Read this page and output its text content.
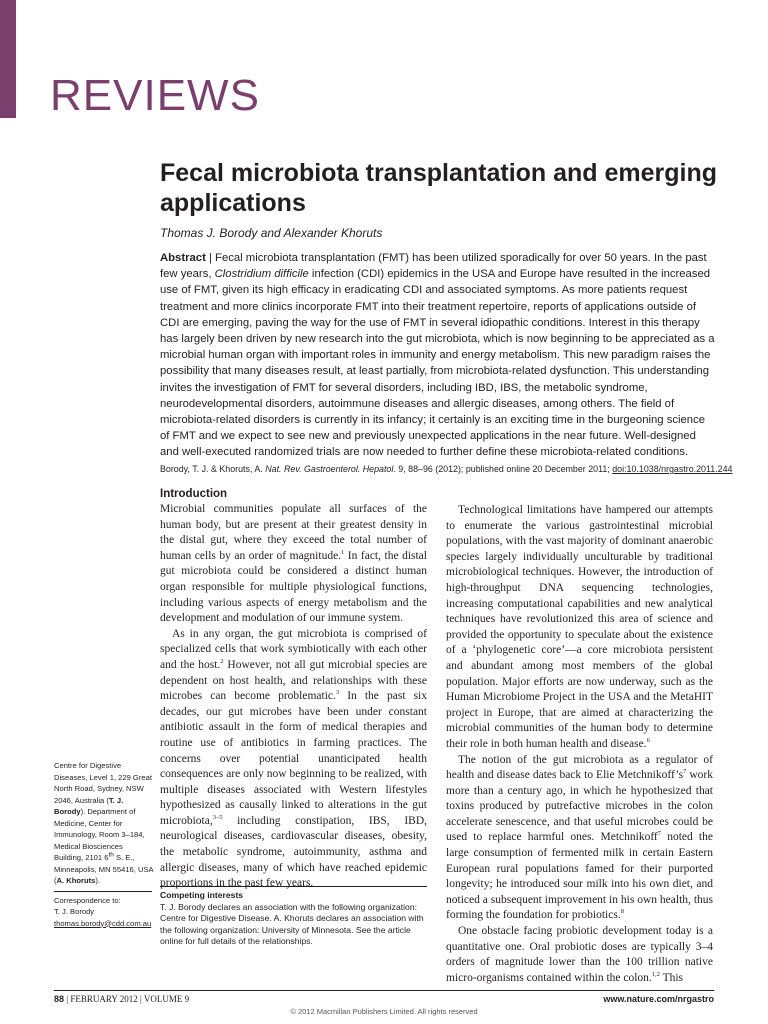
REVIEWS
Fecal microbiota transplantation and emerging applications
Thomas J. Borody and Alexander Khoruts
Abstract | Fecal microbiota transplantation (FMT) has been utilized sporadically for over 50 years. In the past few years, Clostridium difficile infection (CDI) epidemics in the USA and Europe have resulted in the increased use of FMT, given its high efficacy in eradicating CDI and associated symptoms. As more patients request treatment and more clinics incorporate FMT into their treatment repertoire, reports of applications outside of CDI are emerging, paving the way for the use of FMT in several idiopathic conditions. Interest in this therapy has largely been driven by new research into the gut microbiota, which is now beginning to be appreciated as a microbial human organ with important roles in immunity and energy metabolism. This new paradigm raises the possibility that many diseases result, at least partially, from microbiota-related dysfunction. This understanding invites the investigation of FMT for several disorders, including IBD, IBS, the metabolic syndrome, neurodevelopmental disorders, autoimmune diseases and allergic diseases, among others. The field of microbiota-related disorders is currently in its infancy; it certainly is an exciting time in the burgeoning science of FMT and we expect to see new and previously unexpected applications in the near future. Well-designed and well-executed randomized trials are now needed to further define these microbiota-related conditions.
Borody, T. J. & Khoruts, A. Nat. Rev. Gastroenterol. Hepatol. 9, 88–96 (2012); published online 20 December 2011; doi:10.1038/nrgastro.2011.244
Introduction

Microbial communities populate all surfaces of the human body, but are present at their greatest density in the distal gut, where they exceed the total number of human cells by an order of magnitude.$^1$ In fact, the distal gut microbiota could be considered a distinct human organ responsible for multiple physiological functions, including various aspects of energy metabolism and the development and modulation of our immune system.

As in any organ, the gut microbiota is comprised of specialized cells that work symbiotically with each other and the host.$^2$ However, not all gut microbial species are dependent on host health, and relationships with these microbes can become problematic.$^3$ In the past six decades, our gut microbes have been under constant antibiotic assault in the form of medical therapies and routine use of antibiotics in farming practices. The concerns over potential unanticipated health consequences are only now beginning to be realized, with multiple diseases associated with Western lifestyles hypothesized as causally linked to alterations in the gut microbiota,$^{3-5}$ including constipation, IBS, IBD, neurological diseases, cardiovascular diseases, obesity, the metabolic syndrome, autoimmunity, asthma and allergic diseases, many of which have reached epidemic proportions in the past few years.

Technological limitations have hampered our attempts to enumerate the various gastrointestinal microbial populations, with the vast majority of dominant anaerobic species largely individually unculturable by traditional microbiological techniques. However, the introduction of high-throughput DNA sequencing technologies, increasing computational capabilities and new analytical techniques have revolutionized this area of science and provided the opportunity to speculate about the existence of a ‘phylogenetic core’—a core microbiota persistent and abundant among most members of the global population. Major efforts are now underway, such as the Human Microbiome Project in the USA and the MetaHIT project in Europe, that are aimed at characterizing the microbial communities of the human body to determine their role in both human health and disease.$^6$

The notion of the gut microbiota as a regulator of health and disease dates back to Elie $Metchnikoff’s^7$ work more than a century ago, in which he hypothesized that toxins produced by putrefactive microbes in the colon accelerate senescence, and that useful microbes could be used to replace harmful ones. Metchnikoff$^7$ noted the large consumption of fermented milk in certain Eastern European rural populations famed for their purported longevity; he introduced sour milk into his own diet, and noticed a subsequent improvement in his own health, thus forming the foundation for probiotics.$^8$

One obstacle facing probiotic development today is a quantitative one. Oral probiotic doses are typically 3–4 orders of magnitude lower than the 100 trillion native micro-organisms contained within the colon.$^{1,2}$ This

Centre for Digestive Diseases, Level 1, 229 Great North Road, Sydney, NSW 2046, Australia (T. J. Borody). Department of Medicine, Center for Immunology, Room 3–184, Medical Biosciences Building, 2101 6th S. E., Minneapolis, MN 55416, USA (A. Khoruts).
Correspondence to:
T. J. Borody
thomas.borody@cdd.com.au
Competing interests
T. J. Borody declares an association with the following organization: Centre for Digestive Disease. A. Khoruts declares an association with the following organization: University of Minnesota. See the article online for full details of the relationships.
88 | FEBRUARY 2012 | VOLUME 9	www.nature.com/nrgastro
© 2012 Macmillan Publishers Limited. All rights reserved
